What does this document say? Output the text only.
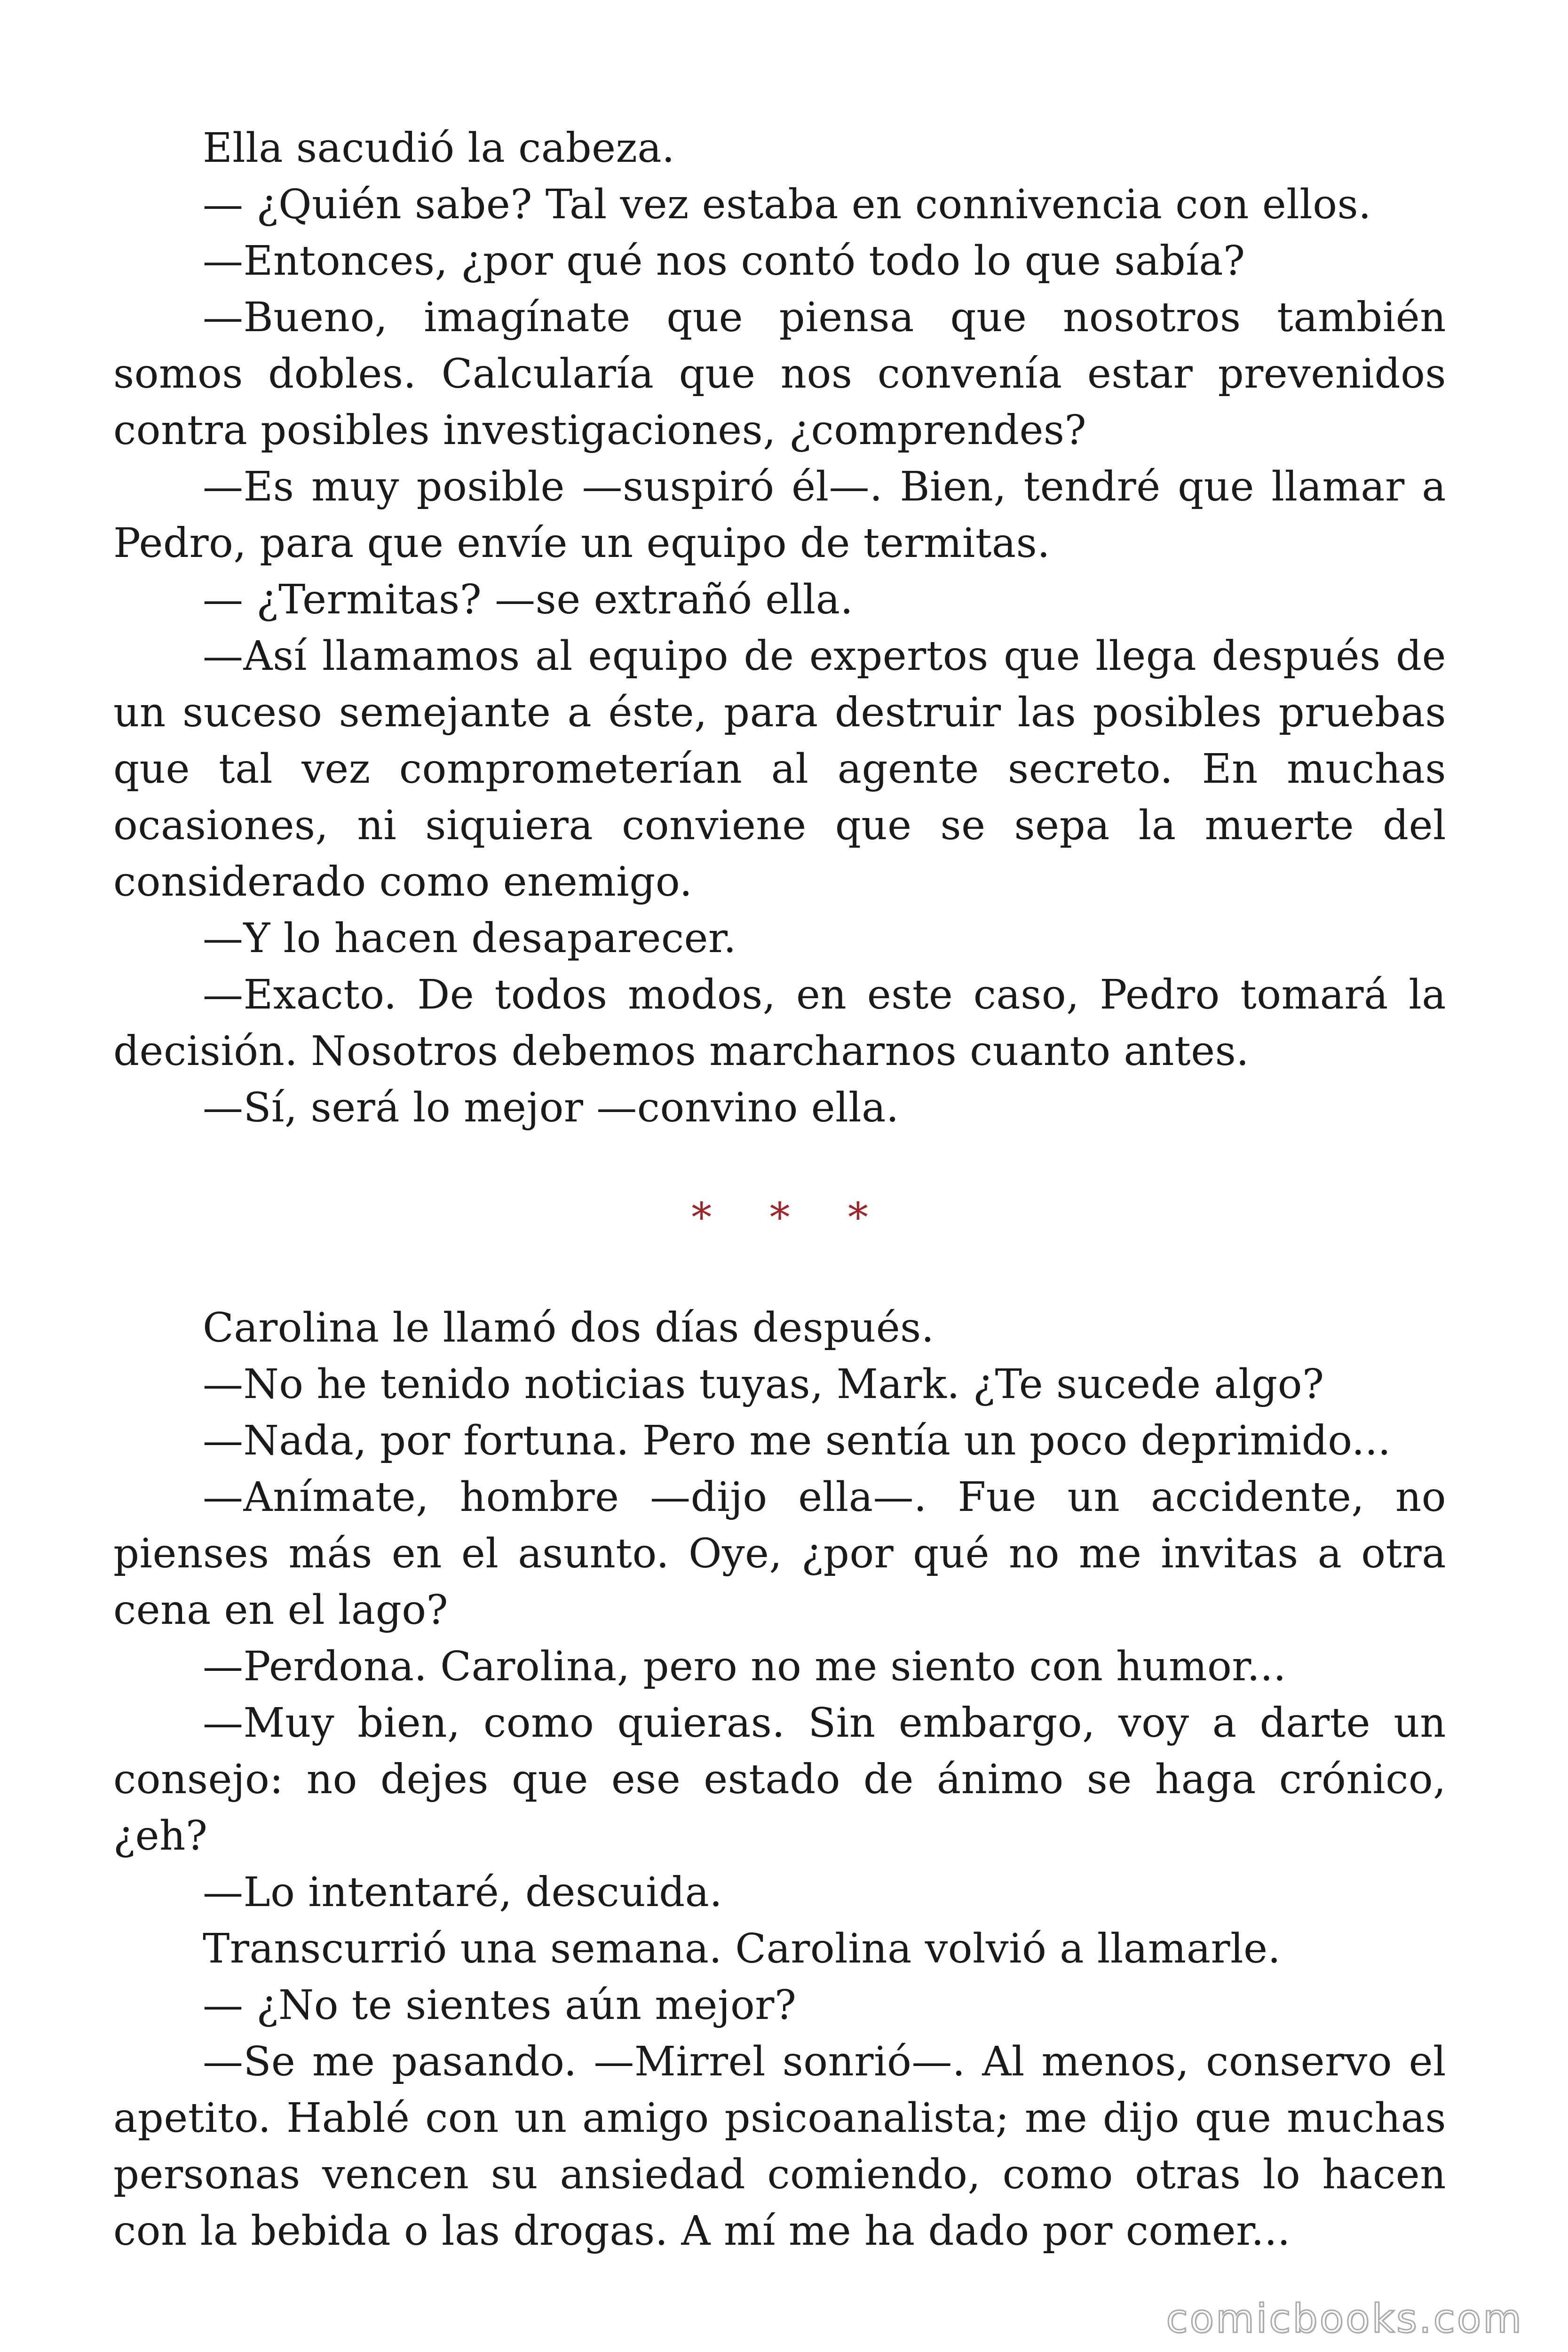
Ella sacudió la cabeza.

— ¿Quién sabe? Tal vez estaba en connivencia con ellos.

—Entonces, ¿por qué nos contó todo lo que sabía?

—Bueno, imagínate que piensa que nosotros también somos dobles. Calcularía que nos convenía estar prevenidos contra posibles investigaciones, ¿comprendes?

—Es muy posible —suspiró él—. Bien, tendré que llamar a Pedro, para que envíe un equipo de termitas.

— ¿Termitas? —se extrañó ella.

—Así llamamos al equipo de expertos que llega después de un suceso semejante a éste, para destruir las posibles pruebas que tal vez comprometerían al agente secreto. En muchas ocasiones, ni siquiera conviene que se sepa la muerte del considerado como enemigo.

—Y lo hacen desaparecer.

—Exacto. De todos modos, en este caso, Pedro tomará la decisión. Nosotros debemos marcharnos cuanto antes.

—Sí, será lo mejor —convino ella.

* * *

Carolina le llamó dos días después.

—No he tenido noticias tuyas, Mark. ¿Te sucede algo?

—Nada, por fortuna. Pero me sentía un poco deprimido...

—Anímate, hombre —dijo ella—. Fue un accidente, no pienses más en el asunto. Oye, ¿por qué no me invitas a otra cena en el lago?

—Perdona. Carolina, pero no me siento con humor...

—Muy bien, como quieras. Sin embargo, voy a darte un consejo: no dejes que ese estado de ánimo se haga crónico, ¿eh?

—Lo intentaré, descuida.

Transcurrió una semana. Carolina volvió a llamarle.

— ¿No te sientes aún mejor?

—Se me pasando. —Mirrel sonrió—. Al menos, conservo el apetito. Hablé con un amigo psicoanalista; me dijo que muchas personas vencen su ansiedad comiendo, como otras lo hacen con la bebida o las drogas. A mí me ha dado por comer...

comicbooks.com
